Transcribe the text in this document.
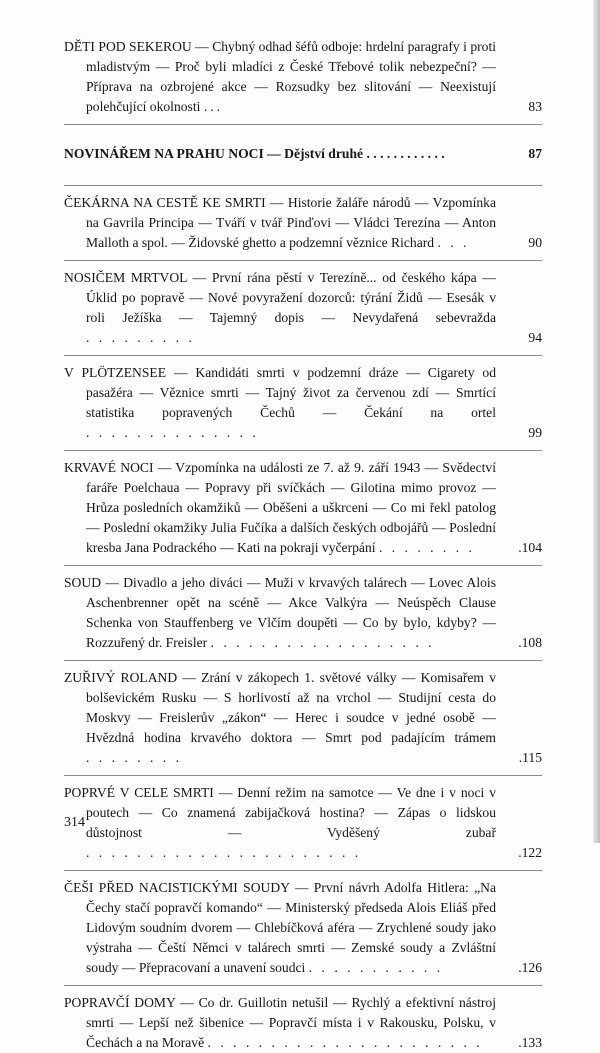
DĚTI POD SEKEROU — Chybný odhad šéfů odboje: hrdelní paragrafy i proti mladistvým — Proč byli mladíci z České Třebové tolik nebezpeční? — Příprava na ozbrojené akce — Rozsudky bez slitování — Neexistují polehčující okolnosti ...	83
NOVINÁŘEM NA PRAHU NOCI — Dějství druhé . . . . . . . . . . . .	87
ČEKÁRNA NA CESTĚ KE SMRTI — Historie žaláře národů — Vzpomínka na Gavrila Principa — Tváří v tvář Pinďovi — Vládci Terezína — Anton Malloth a spol. — Židovské ghetto a podzemní věznice Richard . . .	90
NOSIČEM MRTVOL — První rána pěstí v Terezíně... od českého kápa — Úklid po popravě — Nové povyražení dozorců: týrání Židů — Esesák v roli Ježíška — Tajemný dopis — Nevydařená sebevražda . . . . . . . . .	94
V PLÖTZENSEE — Kandidáti smrti v podzemní dráze — Cigarety od pasažéra — Věznice smrti — Tajný život za červenou zdí — Smrtící statistika popravených Čechů — Čekání na ortel . . . . . . . . . . . . . .	99
KRVAVÉ NOCI — Vzpomínka na události ze 7. až 9. září 1943 — Svědectví faráře Poelchaua — Popravy při svíčkách — Gilotina mimo provoz — Hrůza posledních okamžiků — Oběšeni a uškrceni — Co mi řekl patolog — Poslední okamžiky Julia Fučíka a dalších českých odbojářů — Poslední kresba Jana Podrackého — Kati na pokraji vyčerpání . . . . . . . .	.104
SOUD — Divadlo a jeho diváci — Muži v krvavých talárech — Lovec Alois Aschenbrenner opět na scéně — Akce Valkýra — Neúspěch Clause Schenka von Stauffenberg ve Vlčím doupěti — Co by bylo, kdyby? — Rozzuřený dr. Freisler . . . . . . . . . . . . . . . . . .	.108
ZUŘIVÝ ROLAND — Zrání v zákopech 1. světové války — Komisařem v bolševickém Rusku — S horlivostí až na vrchol — Studijní cesta do Moskvy — Freislerův „zákon“ — Herec i soudce v jedné osobě — Hvězdná hodina krvavého doktora — Smrt pod padajícím trámem . . . . . . . .	.115
POPRVÉ V CELE SMRTI — Denní režim na samotce — Ve dne i v noci v poutech — Co znamená zabijačková hostina? — Zápas o lidskou důstojnost — Vyděšený zubař . . . . . . . . . . . . . . . . . . . . . .	.122
ČEŠI PŘED NACISTICKÝMI SOUDY — První návrh Adolfa Hitlera: „Na Čechy stačí popravčí komando“ — Ministerský předseda Alois Eliáš před Lidovým soudním dvorem — Chlebíčková aféra — Zrychlené soudy jako výstraha — Čeští Němci v talárech smrti — Zemské soudy a Zvláštní soudy — Přepracovaní a unavení soudci . . . . . . . . . . .	.126
POPRAVČÍ DOMY — Co dr. Guillotin netušil — Rychlý a efektivní nástroj smrti — Lepší než šibenice — Popravčí místa i v Rakousku, Polsku, v Čechách a na Moravě . . . . . . . . . . . . . . . . . . . . . .	.133
314
